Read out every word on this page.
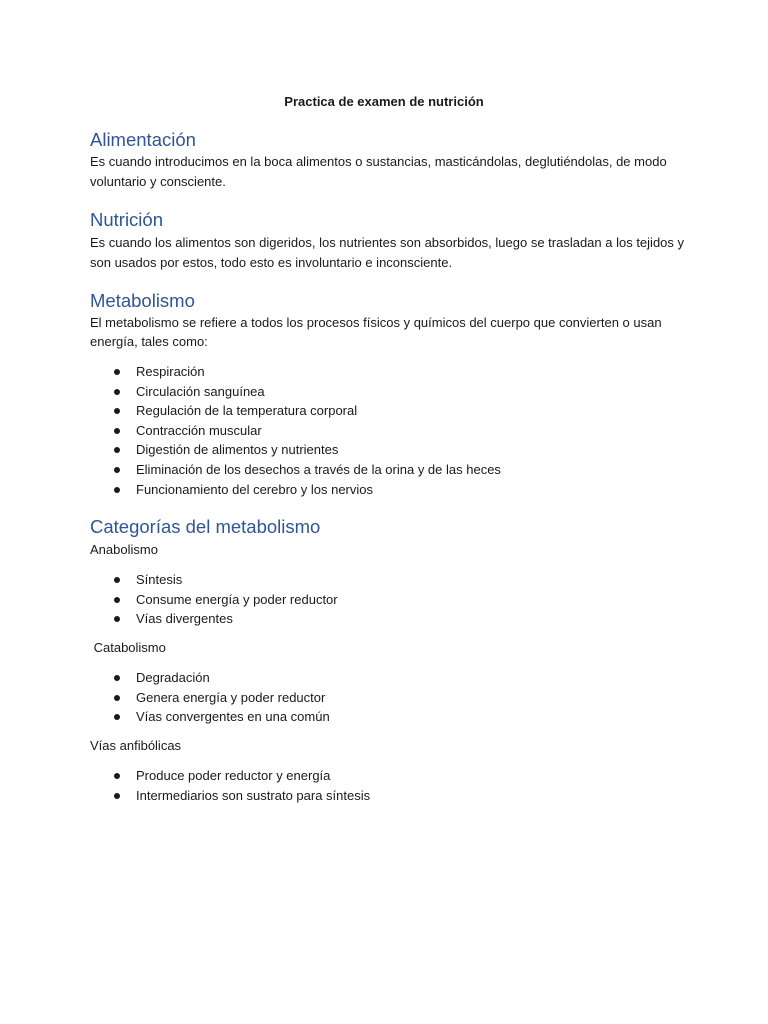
Practica de examen de nutrición
Alimentación
Es cuando introducimos en la boca alimentos o sustancias, masticándolas, deglutiéndolas, de modo
voluntario y consciente.
Nutrición
Es cuando los alimentos son digeridos, los nutrientes son absorbidos, luego se trasladan a los tejidos y
son usados por estos, todo esto es involuntario e inconsciente.
Metabolismo
El metabolismo se refiere a todos los procesos físicos y químicos del cuerpo que convierten o usan
energía, tales como:
Respiración
Circulación sanguínea
Regulación de la temperatura corporal
Contracción muscular
Digestión de alimentos y nutrientes
Eliminación de los desechos a través de la orina y de las heces
Funcionamiento del cerebro y los nervios
Categorías del metabolismo
Anabolismo
Síntesis
Consume energía y poder reductor
Vías divergentes
Catabolismo
Degradación
Genera energía y poder reductor
Vías convergentes en una común
Vías anfibólicas
Produce poder reductor y energía
Intermediarios son sustrato para síntesis
